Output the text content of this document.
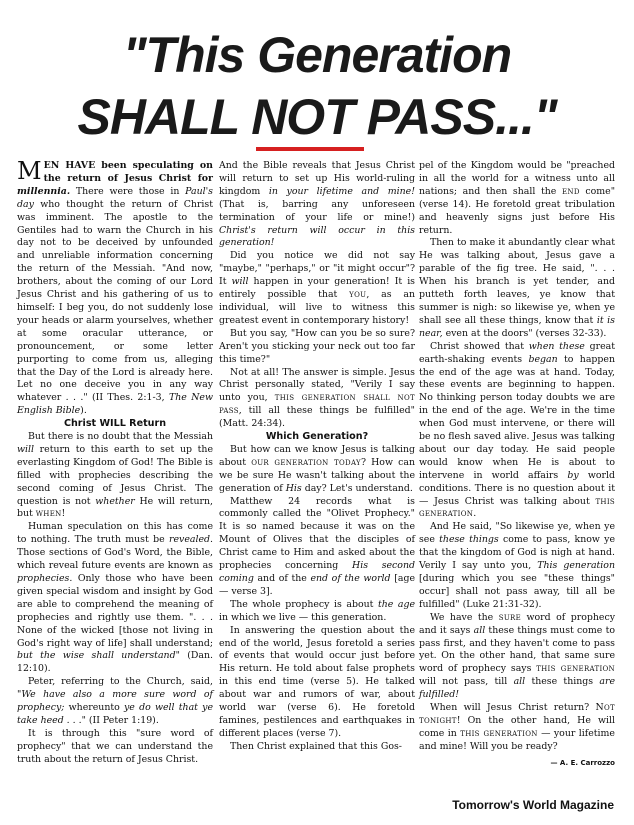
"This Generation
SHALL NOT PASS..."

MEN HAVE been speculating on the return of Jesus Christ for millennia. There were those in Paul's day who thought the return of Christ was imminent. The apostle to the Gentiles had to warn the Church in his day not to be deceived by unfounded and unreliable information concerning the return of the Messiah. "And now, brothers, about the coming of our Lord Jesus Christ and his gathering of us to himself: I beg you, do not suddenly lose your heads or alarm yourselves, whether at some oracular utterance, or pronouncement, or some letter purporting to come from us, alleging that the Day of the Lord is already here. Let no one deceive you in any way whatever . . ." (II Thes. 2:1-3, The New English Bible).

Christ WILL Return

But there is no doubt that the Messiah will return to this earth to set up the everlasting Kingdom of God! The Bible is filled with prophecies describing the second coming of Jesus Christ. The question is not whether He will return, but when!

Human speculation on this has come to nothing. The truth must be revealed. Those sections of God's Word, the Bible, which reveal future events are known as prophecies. Only those who have been given special wisdom and insight by God are able to comprehend the meaning of prophecies and rightly use them. ". . . None of the wicked [those not living in God's right way of life] shall understand; but the wise shall understand" (Dan. 12:10).

Peter, referring to the Church, said, "We have also a more sure word of prophecy; whereunto ye do well that ye take heed . . ." (II Peter 1:19).

It is through this "sure word of prophecy" that we can understand the truth about the return of Jesus Christ.

And the Bible reveals that Jesus Christ will return to set up His world-ruling kingdom in your lifetime and mine! (That is, barring any unforeseen termination of your life or mine!) Christ's return will occur in this generation!

Did you notice we did not say "maybe," "perhaps," or "it might occur"? It will happen in your generation! It is entirely possible that you, as an individual, will live to witness this greatest event in contemporary history!

But you say, "How can you be so sure? Aren't you sticking your neck out too far this time?"

Not at all! The answer is simple. Jesus Christ personally stated, "Verily I say unto you, this generation shall not pass, till all these things be fulfilled" (Matt. 24:34).

Which Generation?

But how can we know Jesus is talking about our generation today? How can we be sure He wasn't talking about the generation of His day? Let's understand.

Matthew 24 records what is commonly called the "Olivet Prophecy." It is so named because it was on the Mount of Olives that the disciples of Christ came to Him and asked about the prophecies concerning His second coming and of the end of the world [age — verse 3].

The whole prophecy is about the age in which we live — this generation.

In answering the question about the end of the world, Jesus foretold a series of events that would occur just before His return. He told about false prophets in this end time (verse 5). He talked about war and rumors of war, about world war (verse 6). He foretold famines, pestilences and earthquakes in different places (verse 7).

Then Christ explained that this Gos-

pel of the Kingdom would be "preached in all the world for a witness unto all nations; and then shall the end come" (verse 14). He foretold great tribulation and heavenly signs just before His return.

Then to make it abundantly clear what He was talking about, Jesus gave a parable of the fig tree. He said, ". . . When his branch is yet tender, and putteth forth leaves, ye know that summer is nigh: so likewise ye, when ye shall see all these things, know that it is near, even at the doors" (verses 32-33).

Christ showed that when these great earth-shaking events began to happen the end of the age was at hand. Today, these events are beginning to happen. No thinking person today doubts we are in the end of the age. We're in the time when God must intervene, or there will be no flesh saved alive. Jesus was talking about our day today. He said people would know when He is about to intervene in world affairs by world conditions. There is no question about it — Jesus Christ was talking about this generation.

And He said, "So likewise ye, when ye see these things come to pass, know ye that the kingdom of God is nigh at hand. Verily I say unto you, This generation [during which you see "these things" occur] shall not pass away, till all be fulfilled" (Luke 21:31-32).

We have the sure word of prophecy and it says all these things must come to pass first, and they haven't come to pass yet. On the other hand, that same sure word of prophecy says this generation will not pass, till all these things are fulfilled!

When will Jesus Christ return? Not tonight! On the other hand, He will come in this generation — your lifetime and mine! Will you be ready?

— A. E. Carrozzo
Tomorrow's World Magazine
